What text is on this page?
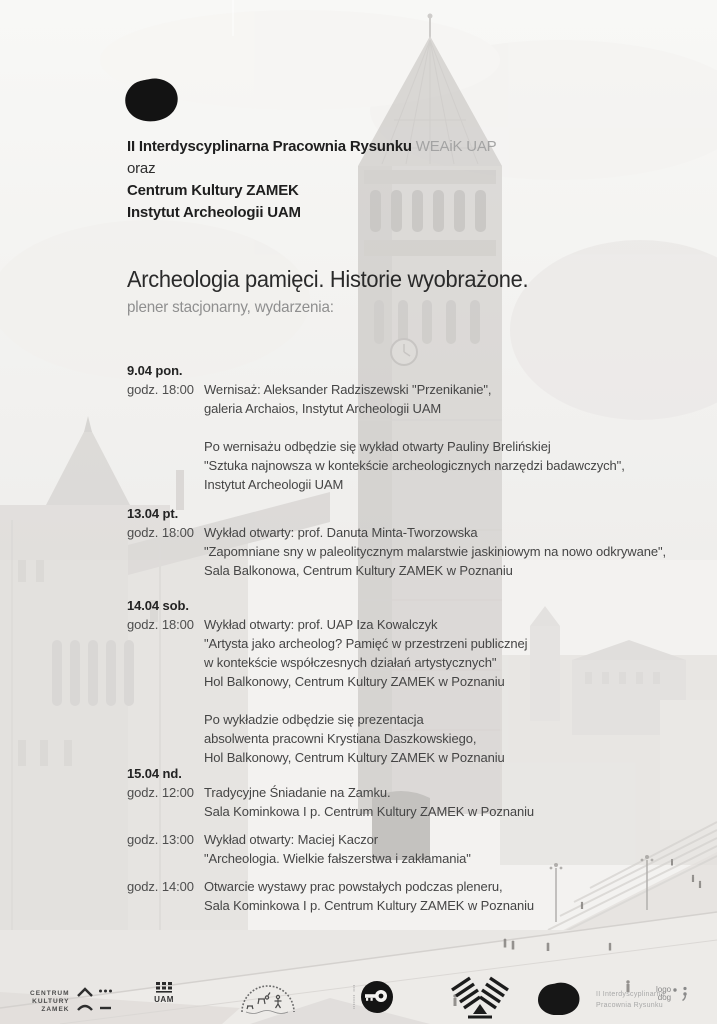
II Interdyscyplinarna Pracownia Rysunku WEAiK UAP
oraz
Centrum Kultury ZAMEK
Instytut Archeologii UAM
Archeologia pamięci. Historie wyobrażone.
plener stacjonarny, wydarzenia:
9.04 pon.
godz. 18:00 Wernisaż: Aleksander Radziszewski "Przenikanie",
galeria Archaios, Instytut Archeologii UAM
Po wernisażu odbędzie się wykład otwarty Pauliny Brelińskiej
"Sztuka najnowsza w kontekście archeologicznych narzędzi badawczych",
Instytut Archeologii UAM
13.04 pt.
godz. 18:00 Wykład otwarty: prof. Danuta Minta-Tworzowska
"Zapomniane sny w paleolitycznym malarstwie jaskiniowym na nowo odkrywane",
Sala Balkonowa, Centrum Kultury ZAMEK w Poznaniu
14.04 sob.
godz. 18:00 Wykład otwarty: prof. UAP Iza Kowalczyk
"Artysta jako archeolog? Pamięć w przestrzeni publicznej
w kontekście współczesnych działań artystycznych"
Hol Balkonowy, Centrum Kultury ZAMEK w Poznaniu
Po wykładzie odbędzie się prezentacja
absolwenta pracowni Krystiana Daszkowskiego,
Hol Balkonowy, Centrum Kultury ZAMEK w Poznaniu
15.04 nd.
godz. 12:00 Tradycyjne Śniadanie na Zamku.
Sala Kominkowa I p. Centrum Kultury ZAMEK w Poznaniu
godz. 13:00 Wykład otwarty: Maciej Kaczor
"Archeologia. Wielkie fałszerstwa i zakłamania"
godz. 14:00 Otwarcie wystawy prac powstałych podczas pleneru,
Sala Kominkowa I p. Centrum Kultury ZAMEK w Poznaniu
CENTRUM
KULTURY
ZAMEK
UAM
II Interdyscyplinarna
Pracownia Rysunku
logo
dog
